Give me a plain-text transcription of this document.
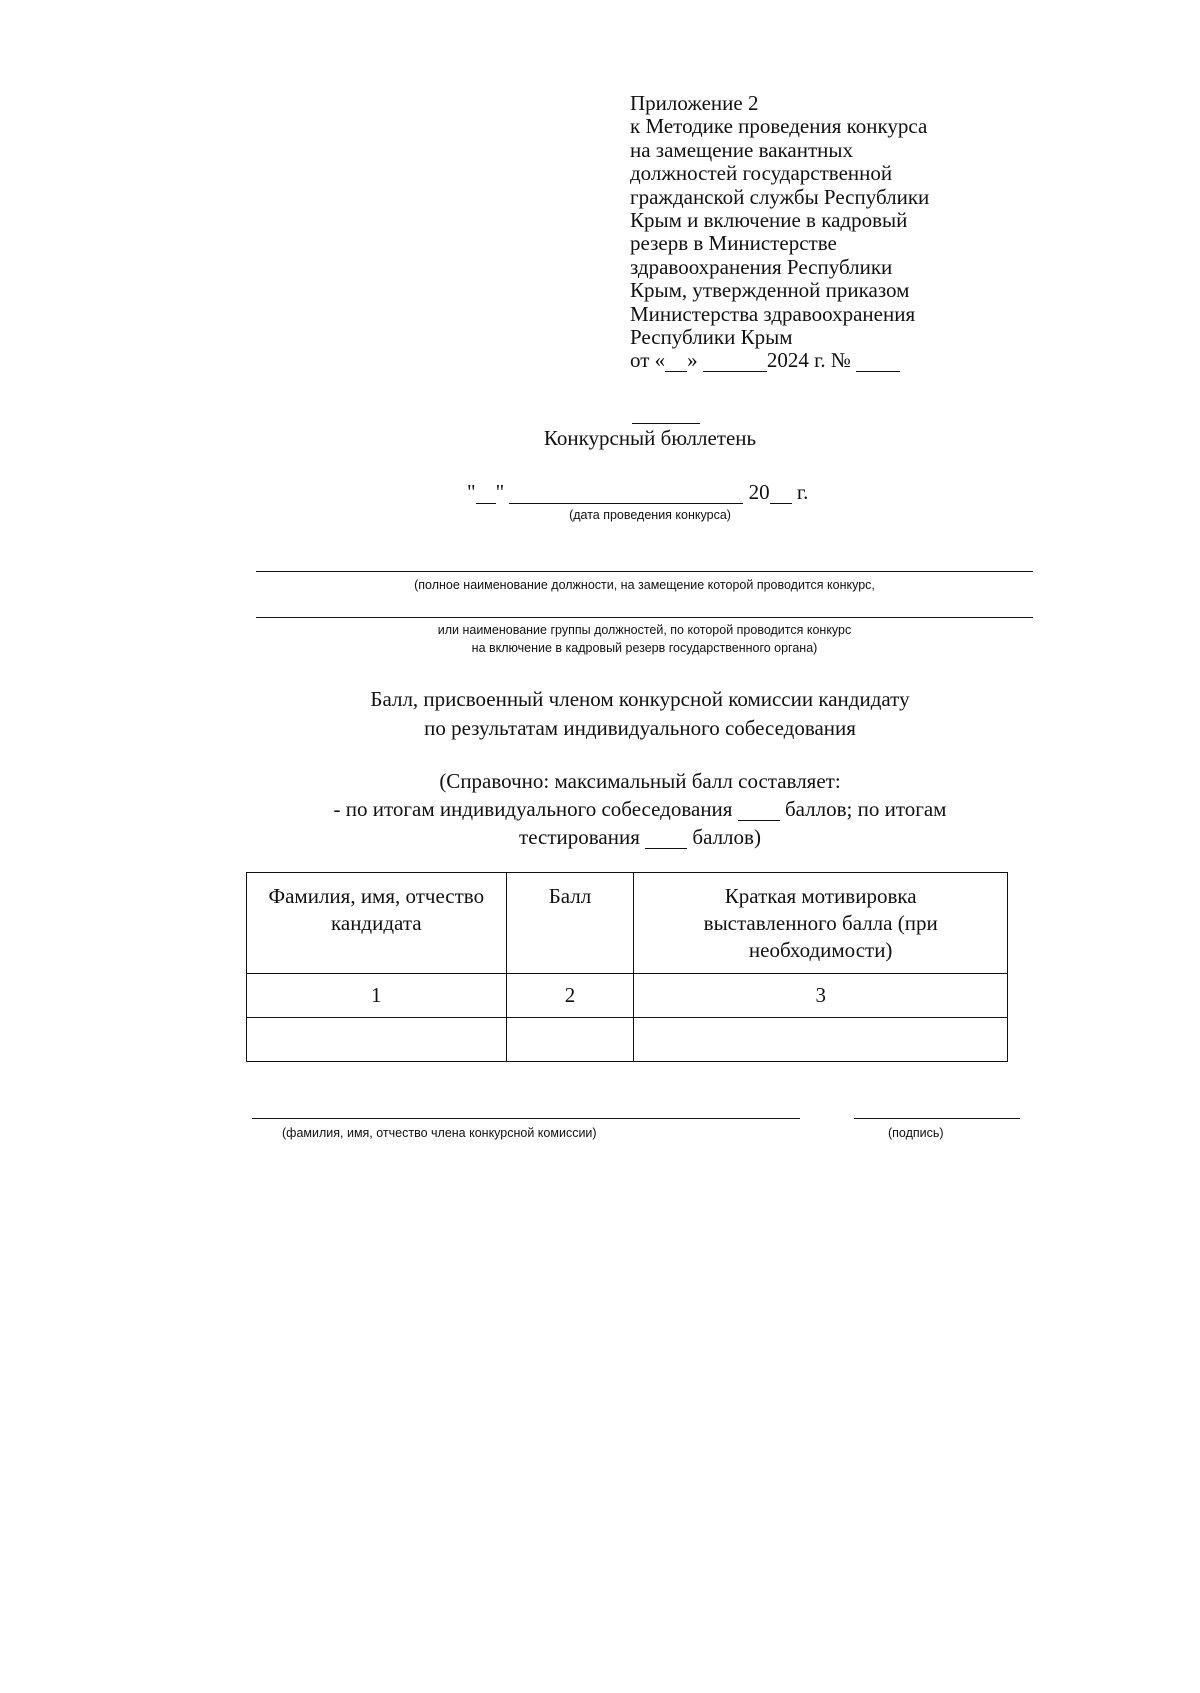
Приложение 2
к Методике проведения конкурса
на замещение вакантных
должностей государственной
гражданской службы Республики
Крым и включение в кадровый
резерв в Министерстве
здравоохранения Республики
Крым, утвержденной приказом
Министерства здравоохранения
Республики Крым
от « »	2024 г. №
Конкурсный бюллетень
" "	20 г.
(дата проведения конкурса)
(полное наименование должности, на замещение которой проводится конкурс,
или наименование группы должностей, по которой проводится конкурс
на включение в кадровый резерв государственного органа)
Балл, присвоенный членом конкурсной комиссии кандидату
по результатам индивидуального собеседования
(Справочно: максимальный балл составляет:
- по итогам индивидуального собеседования	баллов; по итогам
тестирования	баллов)
Фамилия, имя, отчество кандидата	Балл	Краткая мотивировка выставленного балла (при необходимости)
1	2	3

(фамилия, имя, отчество члена конкурсной комиссии)	(подпись)
